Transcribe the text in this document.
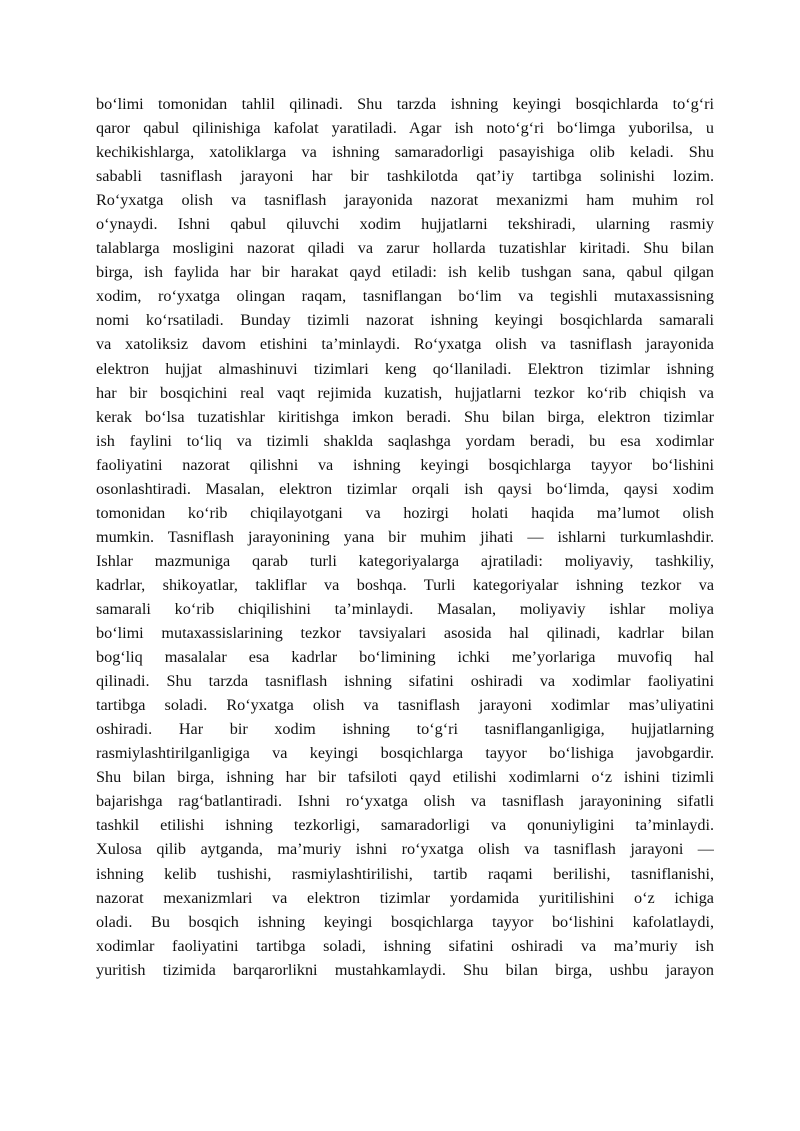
bo‘limi tomonidan tahlil qilinadi. Shu tarzda ishning keyingi bosqichlarda to‘g‘ri
qaror qabul qilinishiga kafolat yaratiladi. Agar ish noto‘g‘ri bo‘limga yuborilsa, u
kechikishlarga, xatoliklarga va ishning samaradorligi pasayishiga olib keladi. Shu
sababli tasniflash jarayoni har bir tashkilotda qat’iy tartibga solinishi lozim.
Ro‘yxatga olish va tasniflash jarayonida nazorat mexanizmi ham muhim rol
o‘ynaydi. Ishni qabul qiluvchi xodim hujjatlarni tekshiradi, ularning rasmiy
talablarga mosligini nazorat qiladi va zarur hollarda tuzatishlar kiritadi. Shu bilan
birga, ish faylida har bir harakat qayd etiladi: ish kelib tushgan sana, qabul qilgan
xodim, ro‘yxatga olingan raqam, tasniflangan bo‘lim va tegishli mutaxassisning
nomi ko‘rsatiladi. Bunday tizimli nazorat ishning keyingi bosqichlarda samarali
va xatoliksiz davom etishini ta’minlaydi. Ro‘yxatga olish va tasniflash jarayonida
elektron hujjat almashinuvi tizimlari keng qo‘llaniladi. Elektron tizimlar ishning
har bir bosqichini real vaqt rejimida kuzatish, hujjatlarni tezkor ko‘rib chiqish va
kerak bo‘lsa tuzatishlar kiritishga imkon beradi. Shu bilan birga, elektron tizimlar
ish faylini to‘liq va tizimli shaklda saqlashga yordam beradi, bu esa xodimlar
faoliyatini nazorat qilishni va ishning keyingi bosqichlarga tayyor bo‘lishini
osonlashtiradi. Masalan, elektron tizimlar orqali ish qaysi bo‘limda, qaysi xodim
tomonidan ko‘rib chiqilayotgani va hozirgi holati haqida ma’lumot olish
mumkin. Tasniflash jarayonining yana bir muhim jihati — ishlarni turkumlashdir.
Ishlar mazmuniga qarab turli kategoriyalarga ajratiladi: moliyaviy, tashkiliy,
kadrlar, shikoyatlar, takliflar va boshqa. Turli kategoriyalar ishning tezkor va
samarali ko‘rib chiqilishini ta’minlaydi. Masalan, moliyaviy ishlar moliya
bo‘limi mutaxassislarining tezkor tavsiyalari asosida hal qilinadi, kadrlar bilan
bog‘liq masalalar esa kadrlar bo‘limining ichki me’yorlariga muvofiq hal
qilinadi. Shu tarzda tasniflash ishning sifatini oshiradi va xodimlar faoliyatini
tartibga soladi. Ro‘yxatga olish va tasniflash jarayoni xodimlar mas’uliyatini
oshiradi. Har bir xodim ishning to‘g‘ri tasniflanganligiga, hujjatlarning
rasmiylashtirilganligiga va keyingi bosqichlarga tayyor bo‘lishiga javobgardir.
Shu bilan birga, ishning har bir tafsiloti qayd etilishi xodimlarni o‘z ishini tizimli
bajarishga rag‘batlantiradi. Ishni ro‘yxatga olish va tasniflash jarayonining sifatli
tashkil etilishi ishning tezkorligi, samaradorligi va qonuniyligini ta’minlaydi.
Xulosa qilib aytganda, ma’muriy ishni ro‘yxatga olish va tasniflash jarayoni —
ishning kelib tushishi, rasmiylashtirilishi, tartib raqami berilishi, tasniflanishi,
nazorat mexanizmlari va elektron tizimlar yordamida yuritilishini o‘z ichiga
oladi. Bu bosqich ishning keyingi bosqichlarga tayyor bo‘lishini kafolatlaydi,
xodimlar faoliyatini tartibga soladi, ishning sifatini oshiradi va ma’muriy ish
yuritish tizimida barqarorlikni mustahkamlaydi. Shu bilan birga, ushbu jarayon
